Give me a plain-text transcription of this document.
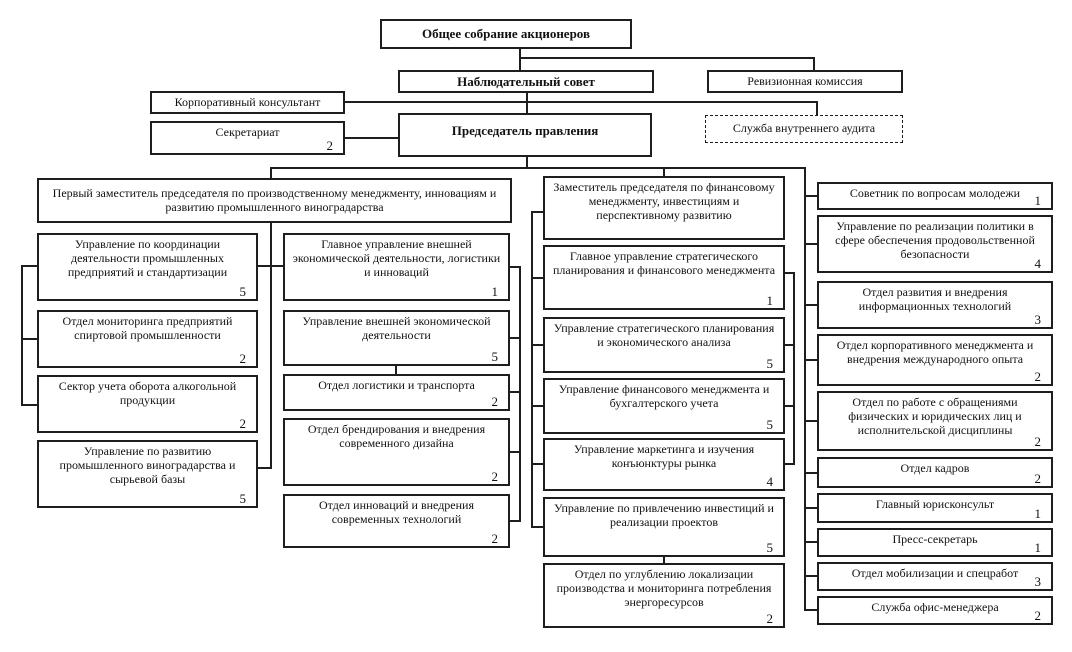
Общее собрание акционеров
Наблюдательный совет	Ревизионная комиссия
Корпоративный консультант
Секретариат
2
Председатель правления	Служба внутреннего аудита
Первый заместитель председателя по производственному менеджменту, инновациям и развитию промышленного виноградарства
Заместитель председателя по финансовому менеджменту, инвестициям и перспективному развитию
Управление по координации деятельности промышленных предприятий и стандартизации
5
Отдел мониторинга предприятий спиртовой промышленности
2
Сектор учета оборота алкогольной продукции
2
Управление по развитию промышленного виноградарства и сырьевой базы
5
Главное управление внешней экономической деятельности, логистики и инноваций
1
Управление внешней экономической деятельности
5
Отдел логистики и транспорта
2
Отдел брендирования и внедрения современного дизайна
2
Отдел инноваций и внедрения современных технологий
2
Главное управление стратегического планирования и финансового менеджмента
1
Управление стратегического планирования и экономического анализа
5
Управление финансового менеджмента и бухгалтерского учета
5
Управление маркетинга и изучения конъюнктуры рынка
4
Управление по привлечению инвестиций и реализации проектов
5
Отдел по углублению локализации производства и мониторинга потребления энергоресурсов
2
Советник по вопросам молодежи 1
Управление по реализации политики в сфере обеспечения продовольственной безопасности
4
Отдел развития и внедрения информационных технологий
3
Отдел корпоративного менеджмента и внедрения международного опыта
2
Отдел по работе с обращениями физических и юридических лиц и исполнительской дисциплины
2
Отдел кадров
2
Главный юрисконсульт
1
Пресс-секретарь
1
Отдел мобилизации и спецработ
3
Служба офис-менеджера
2
